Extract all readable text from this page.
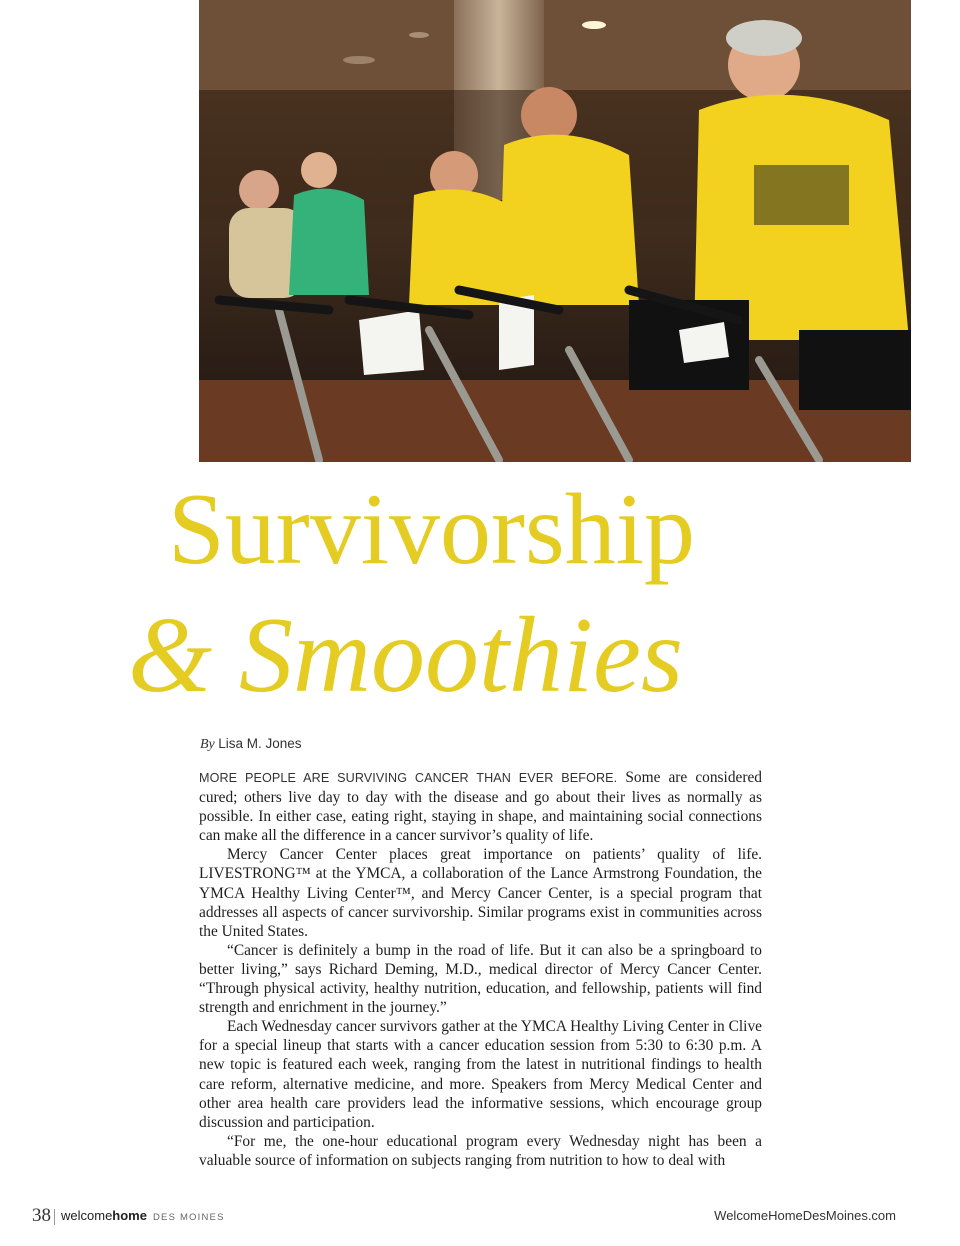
Survivorship
& Smoothies
By Lisa M. Jones

MORE PEOPLE ARE SURVIVING CANCER THAN EVER BEFORE. Some are considered cured; others live day to day with the disease and go about their lives as normally as possible. In either case, eating right, staying in shape, and maintaining social connections can make all the difference in a cancer survivor’s quality of life.

Mercy Cancer Center places great importance on patients’ quality of life. LIVESTRONG™ at the YMCA, a collaboration of the Lance Armstrong Foundation, the YMCA Healthy Living Center™, and Mercy Cancer Center, is a special program that addresses all aspects of cancer survivorship. Similar programs exist in communities across the United States.

“Cancer is definitely a bump in the road of life. But it can also be a springboard to better living,” says Richard Deming, M.D., medical director of Mercy Cancer Center. “Through physical activity, healthy nutrition, education, and fellowship, patients will find strength and enrichment in the journey.”

Each Wednesday cancer survivors gather at the YMCA Healthy Living Center in Clive for a special lineup that starts with a cancer education session from 5:30 to 6:30 p.m. A new topic is featured each week, ranging from the latest in nutritional findings to health care reform, alternative medicine, and more. Speakers from Mercy Medical Center and other area health care providers lead the informative sessions, which encourage group discussion and participation.

“For me, the one-hour educational program every Wednesday night has been a valuable source of information on subjects ranging from nutrition to how to deal with

38 welcomehome DES MOINES	WelcomeHomeDesMoines.com
